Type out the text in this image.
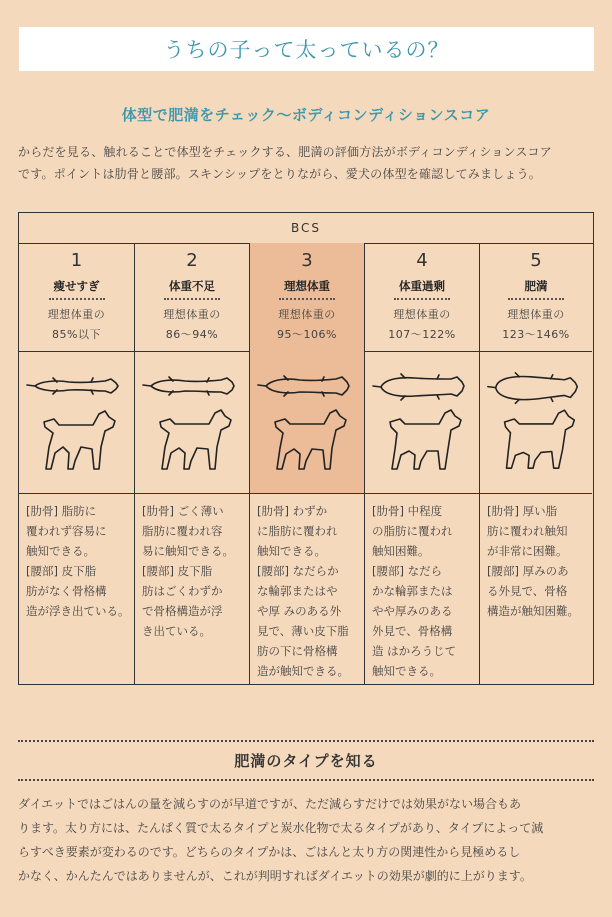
うちの子って太っているの？
体型で肥満をチェック～ボディコンディションスコア

からだを見る、触れることで体型をチェックする、肥満の評価方法がボディコンディションスコア

です。ポイントは肋骨と腰部。スキンシップをとりながら、愛犬の体型を確認してみましょう。

BCS
1
痩せすぎ
理想体重の
85%以下
[肋骨] 脂肪に
覆われず容易に
触知できる。
[腰部] 皮下脂
肪がなく骨格構
造が浮き出ている。
2
体重不足
理想体重の
86～94%
[肋骨] ごく薄い
脂肪に覆われ容
易に触知できる。
[腰部] 皮下脂
肪はごくわずか
で骨格構造が浮
き出ている。
3
理想体重
理想体重の
95～106%
[肋骨] わずか
に脂肪に覆われ
触知できる。
[腰部] なだらか
な輪郭またはや
や厚 みのある外
見で、薄い皮下脂
肪の下に骨格構
造が触知できる。
4
体重過剰
理想体重の
107～122%
[肋骨] 中程度
の脂肪に覆われ
触知困難。
[腰部] なだら
かな輪郭または
やや厚みのある
外見で、骨格構
造 はかろうじて
触知できる。
5
肥満
理想体重の
123～146%
[肋骨] 厚い脂
肪に覆われ触知
が非常に困難。
[腰部] 厚みのあ
る外見で、骨格
構造が触知困難。
肥満のタイプを知る

ダイエットではごはんの量を減らすのが早道ですが、ただ減らすだけでは効果がない場合もあ

ります。太り方には、たんぱく質で太るタイプと炭水化物で太るタイプがあり、タイプによって減

らすべき要素が変わるのです。どちらのタイプかは、ごはんと太り方の関連性から見極めるし

かなく、かんたんではありませんが、これが判明すればダイエットの効果が劇的に上がります。
